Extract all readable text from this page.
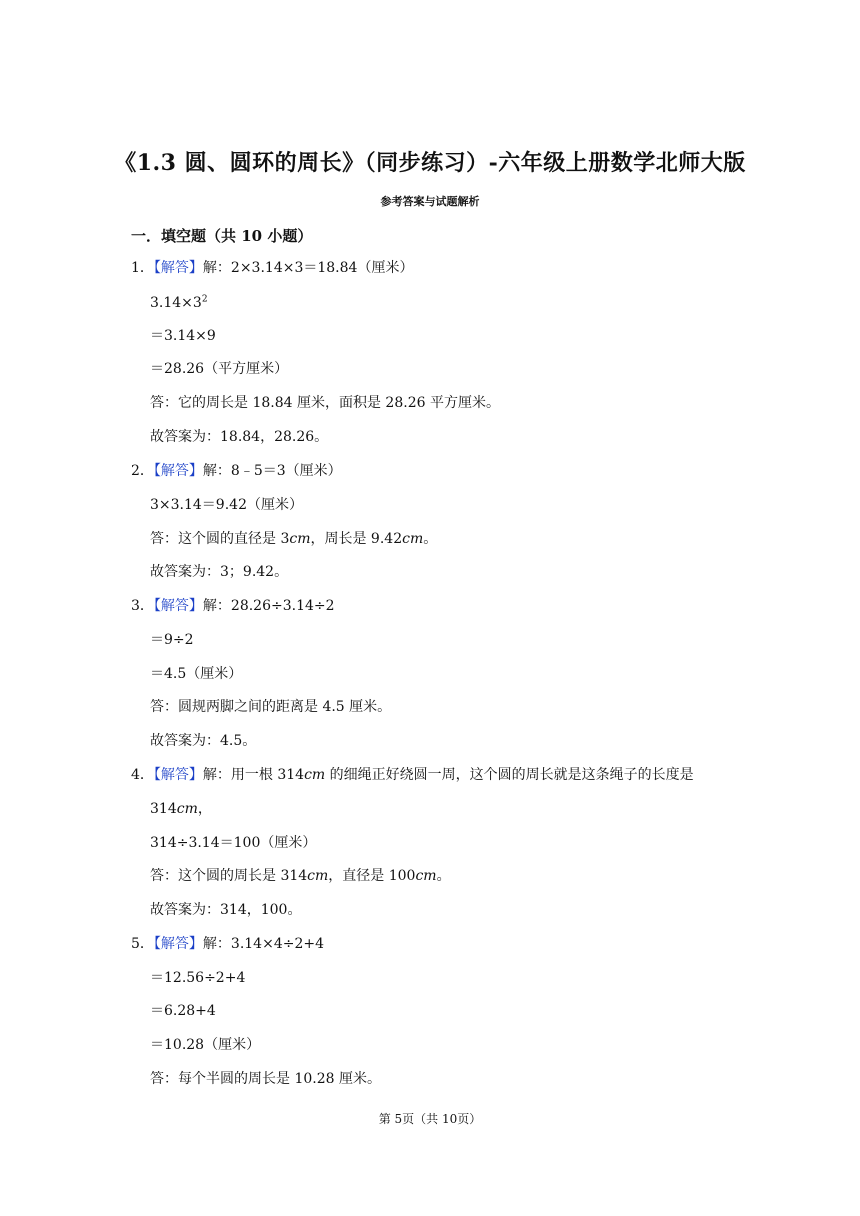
《1.3 圆、圆环的周长》（同步练习）-六年级上册数学北师大版
参考答案与试题解析
一．填空题（共 10 小题）
1．【解答】解：2×3.14×3＝18.84（厘米）
$3.14\times 3^2$
＝3.14×9
＝28.26（平方厘米）
答：它的周长是 18.84 厘米，面积是 28.26 平方厘米。
故答案为：18.84，28.26。
2．【解答】解：8﹣5＝3（厘米）
3×3.14＝9.42（厘米）
答：这个圆的直径是 3cm，周长是 9.42cm。
故答案为：3；9.42。
3．【解答】解：28.26÷3.14÷2
＝9÷2
＝4.5（厘米）
答：圆规两脚之间的距离是 4.5 厘米。
故答案为：4.5。
4．【解答】解：用一根 314cm 的细绳正好绕圆一周，这个圆的周长就是这条绳子的长度是
314cm，
314÷3.14＝100（厘米）
答：这个圆的周长是 314cm，直径是 100cm。
故答案为：314，100。
5．【解答】解：3.14×4÷2+4
＝12.56÷2+4
＝6.28+4
＝10.28（厘米）
答：每个半圆的周长是 10.28 厘米。
第 5页（共 10页）
